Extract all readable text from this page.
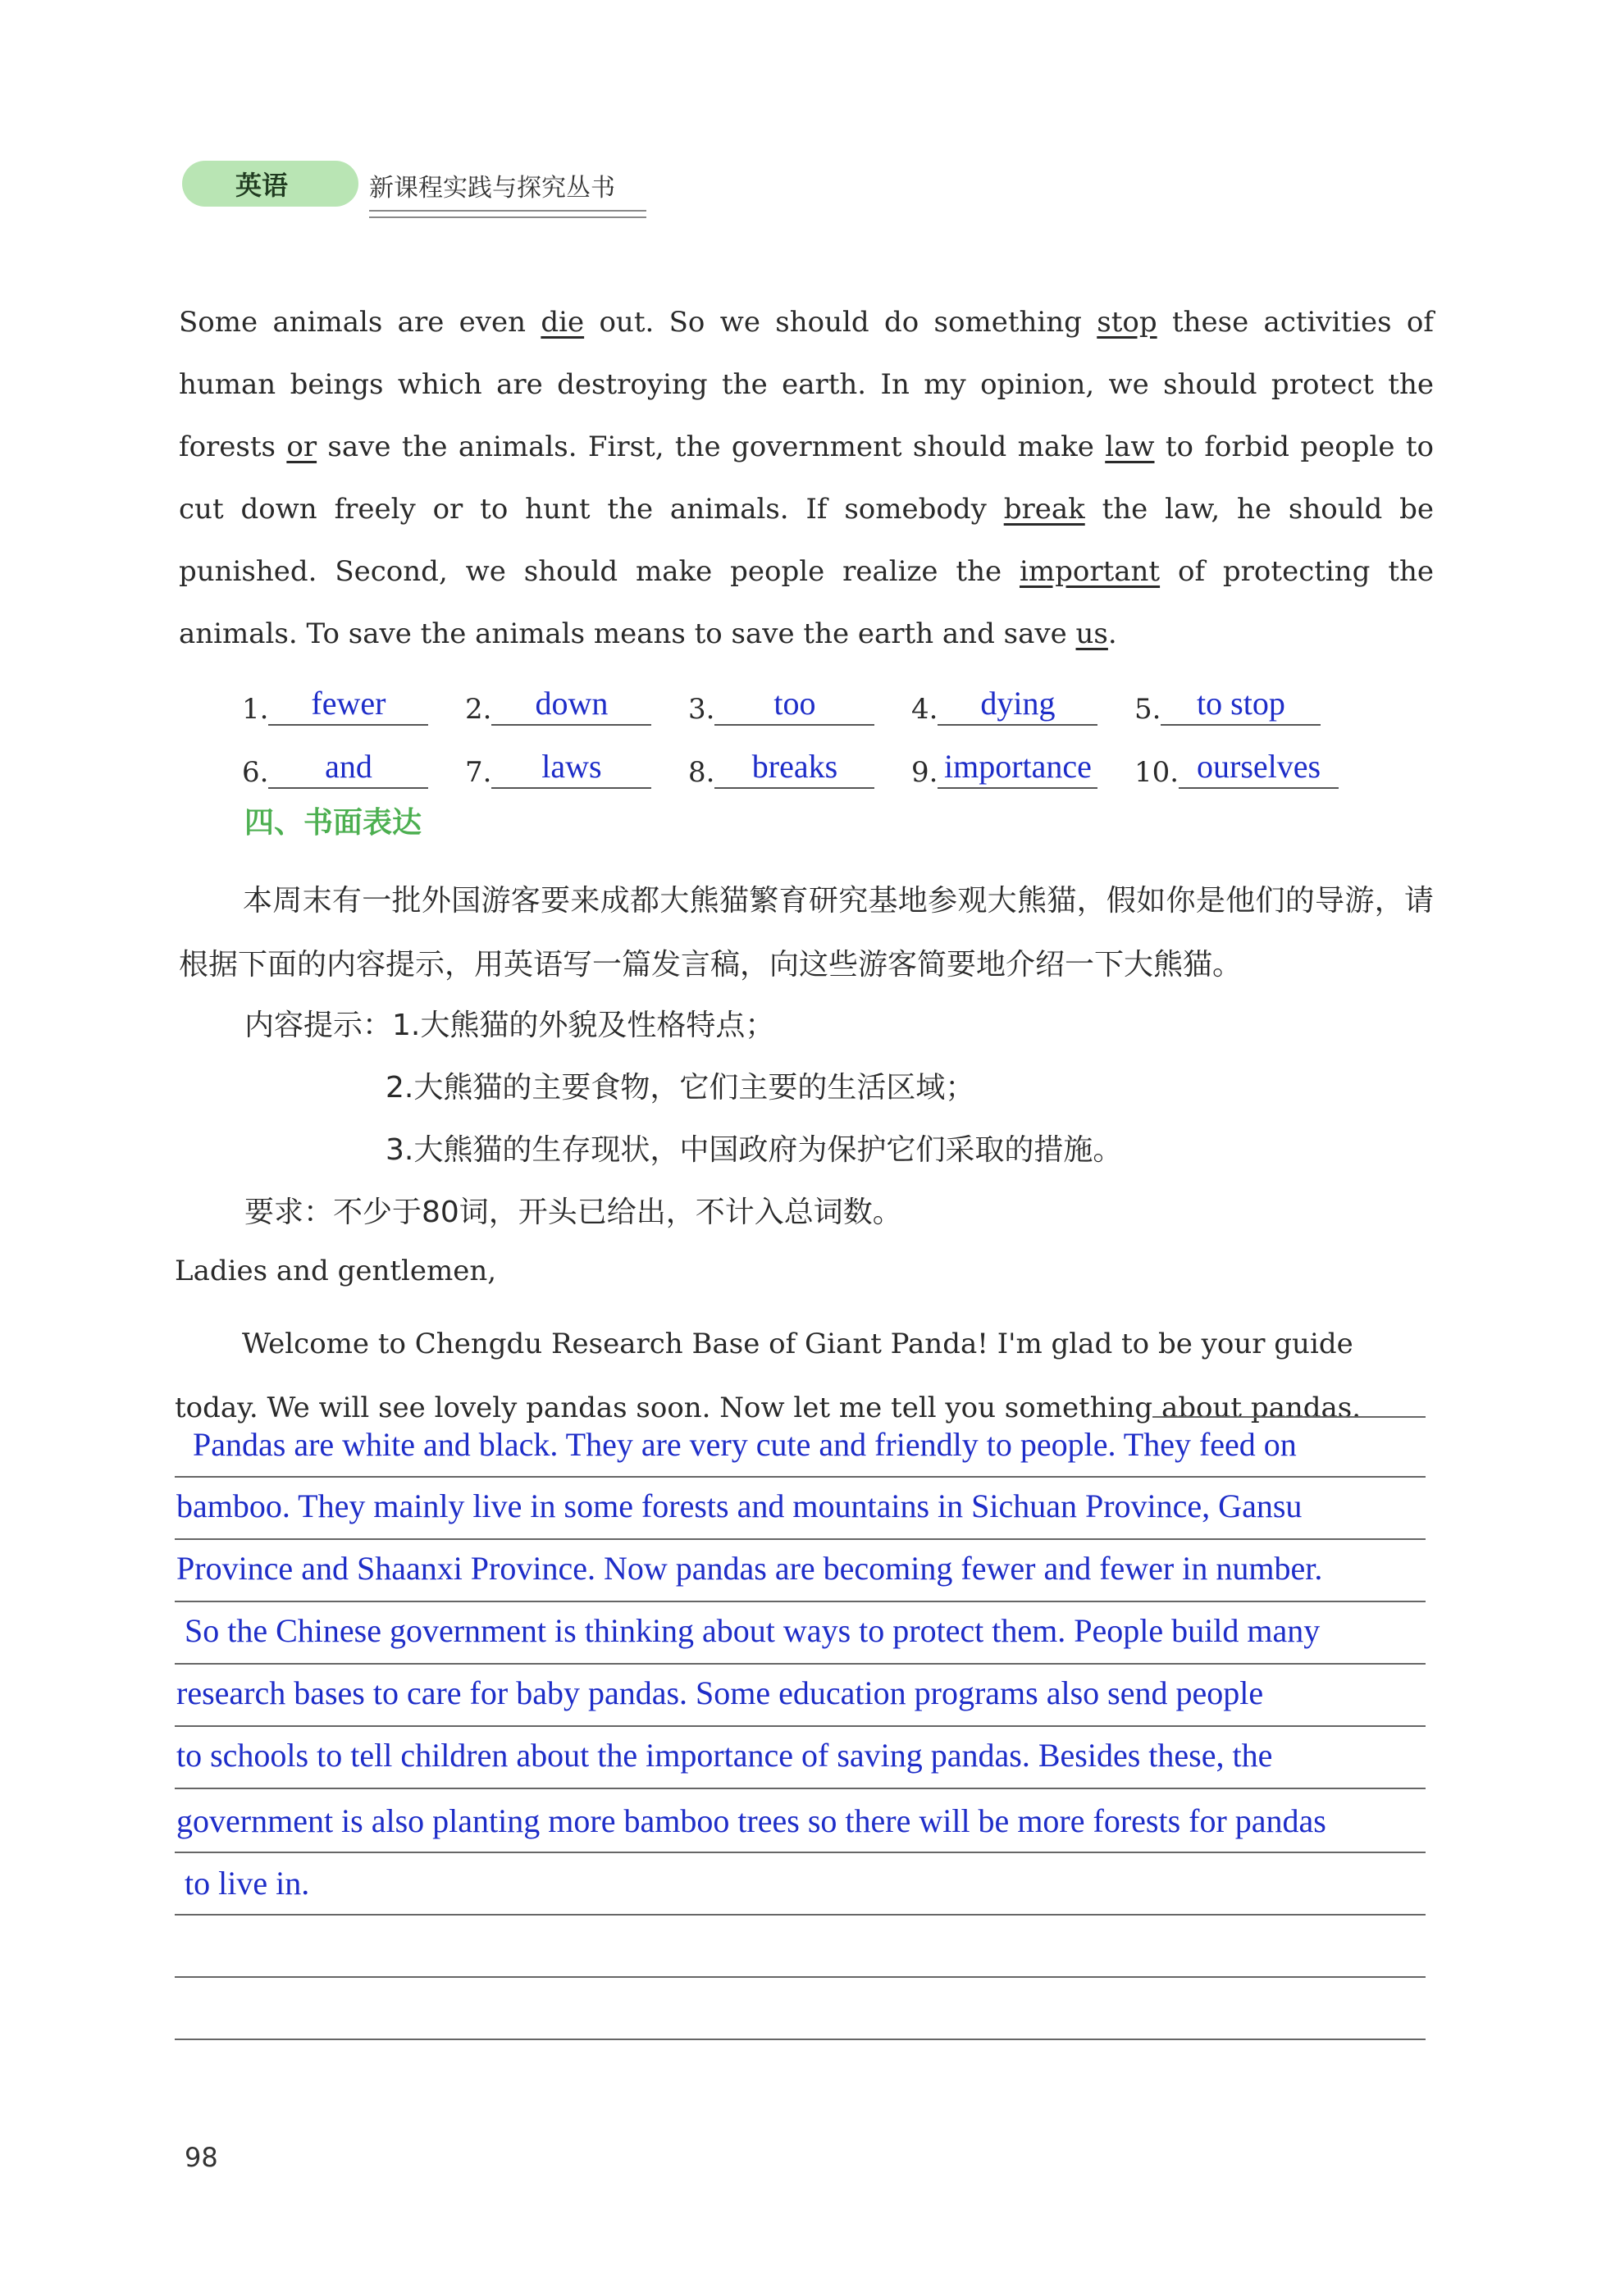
英语	新课程实践与探究丛书
Some animals are even die out. So we should do something stop these activities of human beings which are destroying the earth. In my opinion, we should protect the forests or save the animals. First, the government should make law to forbid people to cut down freely or to hunt the animals. If somebody break the law, he should be punished. Second, we should make people realize the important of protecting the animals. To save the animals means to save the earth and save us.
1.	fewer	2.	down	3.	too	4.	dying	5.	to stop
6.	and	7.	laws	8.	breaks	9. importance 10. ourselves
四、书面表达
本周末有一批外国游客要来成都大熊猫繁育研究基地参观大熊猫，假如你是他们的导游，请根据下面的内容提示，用英语写一篇发言稿，向这些游客简要地介绍一下大熊猫。
内容提示：1.大熊猫的外貌及性格特点；
2.大熊猫的主要食物，它们主要的生活区域；
3.大熊猫的生存现状，中国政府为保护它们采取的措施。
要求：不少于80词，开头已给出，不计入总词数。
Ladies and gentlemen,
Welcome to Chengdu Research Base of Giant Panda! I'm glad to be your guide today. We will see lovely pandas soon. Now let me tell you something about pandas.
Pandas are white and black. They are very cute and friendly to people. They feed on
bamboo. They mainly live in some forests and mountains in Sichuan Province, Gansu
Province and Shaanxi Province. Now pandas are becoming fewer and fewer in number.
So the Chinese government is thinking about ways to protect them. People build many
research bases to care for baby pandas. Some education programs also send people
to schools to tell children about the importance of saving pandas. Besides these, the
government is also planting more bamboo trees so there will be more forests for pandas
to live in.
98
